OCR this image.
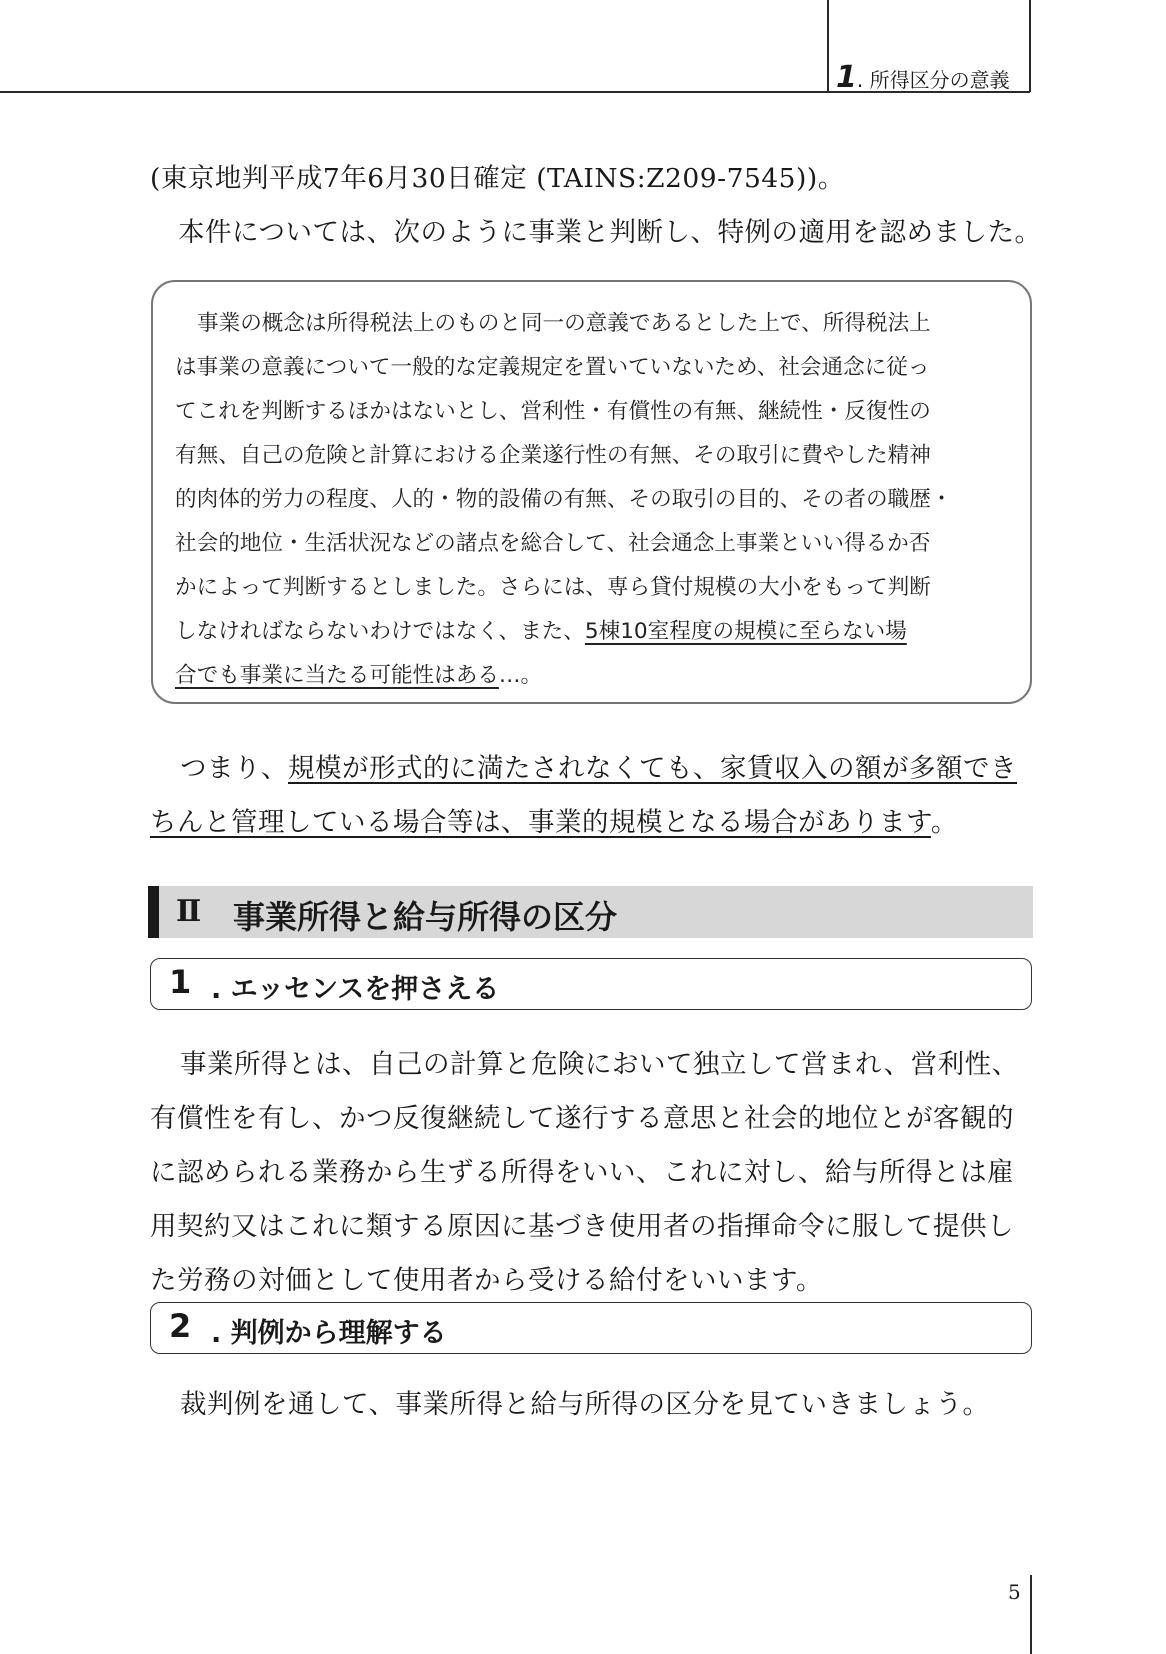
1. 所得区分の意義
(東京地判平成7年6月30日確定 (TAINS:Z209-7545))。
本件については、次のように事業と判断し、特例の適用を認めました。
事業の概念は所得税法上のものと同一の意義であるとした上で、所得税法上
は事業の意義について一般的な定義規定を置いていないため、社会通念に従っ
てこれを判断するほかはないとし、営利性・有償性の有無、継続性・反復性の
有無、自己の危険と計算における企業遂行性の有無、その取引に費やした精神
的肉体的労力の程度、人的・物的設備の有無、その取引の目的、その者の職歴・
社会的地位・生活状況などの諸点を総合して、社会通念上事業といい得るか否
かによって判断するとしました。さらには、専ら貸付規模の大小をもって判断
しなければならないわけではなく、また、5棟10室程度の規模に至らない場
合でも事業に当たる可能性はある…。
つまり、規模が形式的に満たされなくても、家賃収入の額が多額でき
ちんと管理している場合等は、事業的規模となる場合があります。
Ⅱ 事業所得と給与所得の区分
1 . エッセンスを押さえる
事業所得とは、自己の計算と危険において独立して営まれ、営利性、
有償性を有し、かつ反復継続して遂行する意思と社会的地位とが客観的
に認められる業務から生ずる所得をいい、これに対し、給与所得とは雇
用契約又はこれに類する原因に基づき使用者の指揮命令に服して提供し
た労務の対価として使用者から受ける給付をいいます。
2 . 判例から理解する
裁判例を通して、事業所得と給与所得の区分を見ていきましょう。
5
